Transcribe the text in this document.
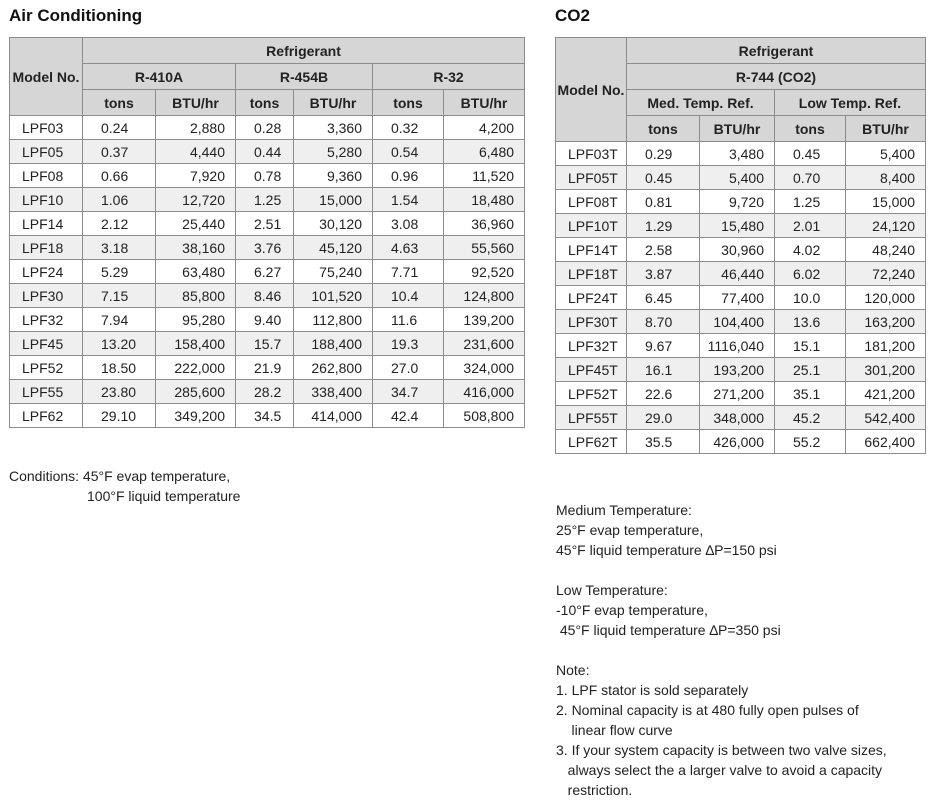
Air Conditioning	CO2
Model No.	Refrigerant					
	R-410A		R-454B		R-32	
	tons	BTU/hr	tons	BTU/hr	tons	BTU/hr
LPF03	0.24	2,880	0.28	3,360	0.32	4,200
LPF05	0.37	4,440	0.44	5,280	0.54	6,480
LPF08	0.66	7,920	0.78	9,360	0.96	11,520
LPF10	1.06	12,720	1.25	15,000	1.54	18,480
LPF14	2.12	25,440	2.51	30,120	3.08	36,960
LPF18	3.18	38,160	3.76	45,120	4.63	55,560
LPF24	5.29	63,480	6.27	75,240	7.71	92,520
LPF30	7.15	85,800	8.46	101,520	10.4	124,800
LPF32	7.94	95,280	9.40	112,800	11.6	139,200
LPF45	13.20	158,400	15.7	188,400	19.3	231,600
LPF52	18.50	222,000	21.9	262,800	27.0	324,000
LPF55	23.80	285,600	28.2	338,400	34.7	416,000
LPF62	29.10	349,200	34.5	414,000	42.4	508,800
Conditions: 45°F evap temperature,
100°F liquid temperature
Model No.	Refrigerant			
	R-744 (CO2)			
	Med. Temp. Ref.		Low Temp. Ref.	
	tons	BTU/hr	tons	BTU/hr
LPF03T	0.29	3,480	0.45	5,400
LPF05T	0.45	5,400	0.70	8,400
LPF08T	0.81	9,720	1.25	15,000
LPF10T	1.29	15,480	2.01	24,120
LPF14T	2.58	30,960	4.02	48,240
LPF18T	3.87	46,440	6.02	72,240
LPF24T	6.45	77,400	10.0	120,000
LPF30T	8.70	104,400	13.6	163,200
LPF32T	9.67	1116,040	15.1	181,200
LPF45T	16.1	193,200	25.1	301,200
LPF52T	22.6	271,200	35.1	421,200
LPF55T	29.0	348,000	45.2	542,400
LPF62T	35.5	426,000	55.2	662,400
Medium Temperature:
25°F evap temperature,
45°F liquid temperature ∆P=150 psi
Low Temperature:
-10°F evap temperature,
45°F liquid temperature ∆P=350 psi
Note:
1. LPF stator is sold separately
2. Nominal capacity is at 480 fully open pulses of
linear flow curve
3. If your system capacity is between two valve sizes,
always select the a larger valve to avoid a capacity
restriction.
